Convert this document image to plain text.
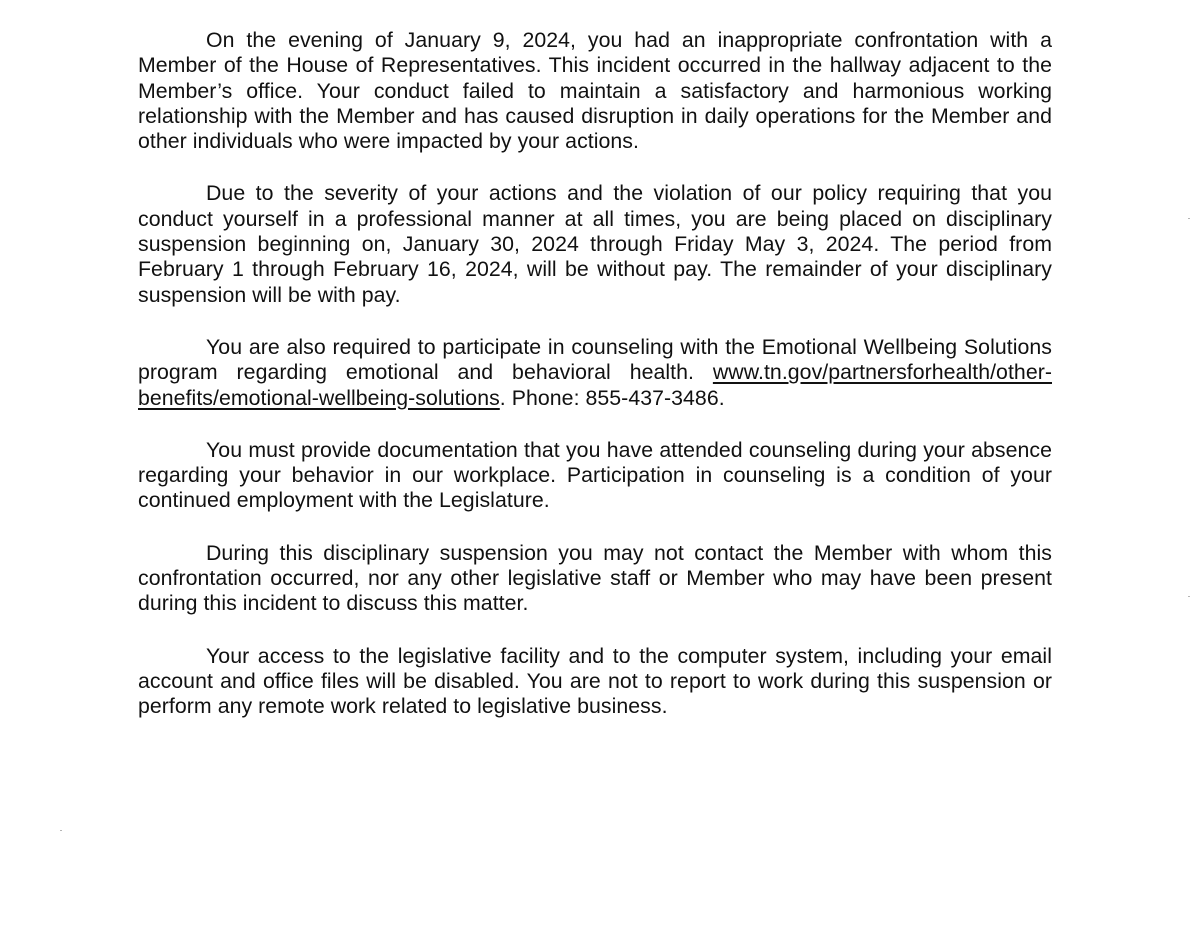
On the evening of January 9, 2024, you had an inappropriate confrontation with a Member of the House of Representatives. This incident occurred in the hallway adjacent to the Member’s office. Your conduct failed to maintain a satisfactory and harmonious working relationship with the Member and has caused disruption in daily operations for the Member and other individuals who were impacted by your actions.

Due to the severity of your actions and the violation of our policy requiring that you conduct yourself in a professional manner at all times, you are being placed on disciplinary suspension beginning on, January 30, 2024 through Friday May 3, 2024. The period from February 1 through February 16, 2024, will be without pay. The remainder of your disciplinary suspension will be with pay.

You are also required to participate in counseling with the Emotional Wellbeing Solutions program regarding emotional and behavioral health. www.tn.gov/partnersforhealth/other-benefits/emotional-wellbeing-solutions. Phone: 855-437-3486.

You must provide documentation that you have attended counseling during your absence regarding your behavior in our workplace. Participation in counseling is a condition of your continued employment with the Legislature.

During this disciplinary suspension you may not contact the Member with whom this confrontation occurred, nor any other legislative staff or Member who may have been present during this incident to discuss this matter.

Your access to the legislative facility and to the computer system, including your email account and office files will be disabled. You are not to report to work during this suspension or perform any remote work related to legislative business.
